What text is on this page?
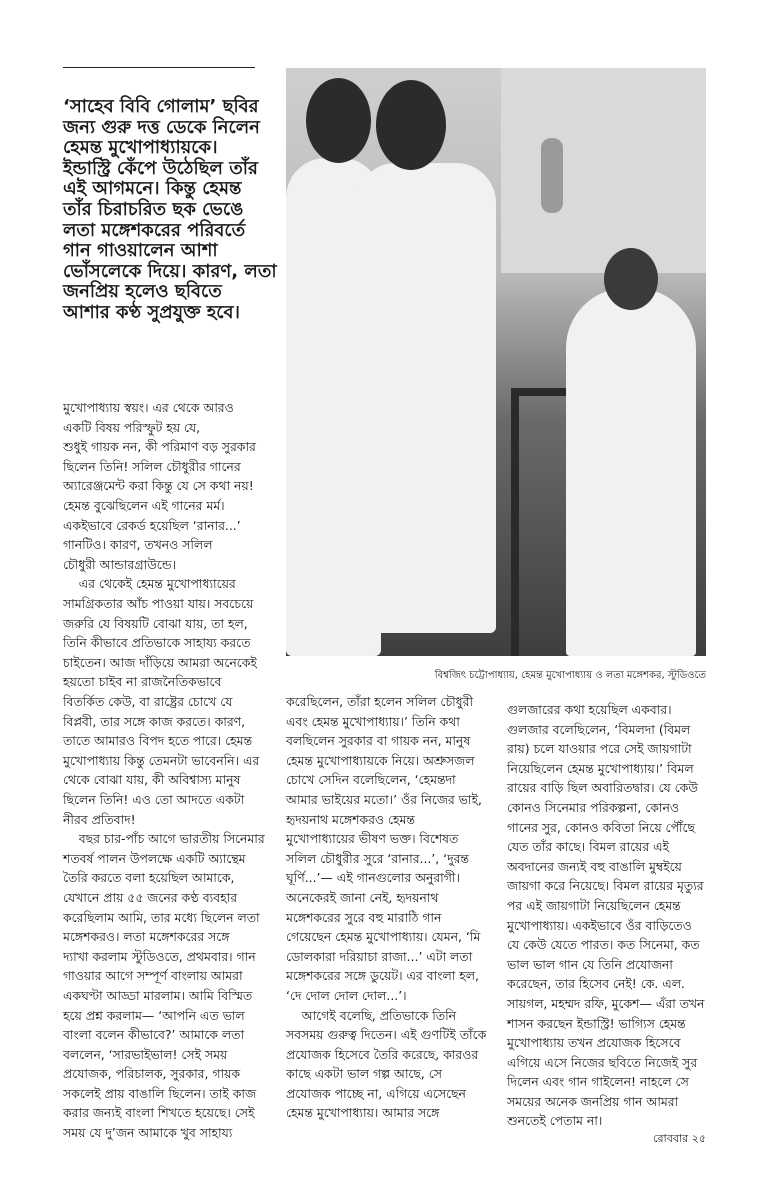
‘সাহেব বিবি গোলাম’ ছবির
জন্য গুরু দত্ত ডেকে নিলেন
হেমন্ত মুখোপাধ্যায়কে।
ইন্ডাস্ট্রি কেঁপে উঠেছিল তাঁর
এই আগমনে। কিন্তু হেমন্ত
তাঁর চিরাচরিত ছক ভেঙে
লতা মঙ্গেশকরের পরিবর্তে
গান গাওয়ালেন আশা
ভোঁসলেকে দিয়ে। কারণ, লতা
জনপ্রিয় হলেও ছবিতে
আশার কণ্ঠ সুপ্রযুক্ত হবে।
বিশ্বজিৎ চট্টোপাধ্যায়, হেমন্ত মুখোপাধ্যায় ও লতা মঙ্গেশকর, স্টুডিওতে
মুখোপাধ্যায় স্বয়ং। এর থেকে আরও
একটি বিষয় পরিস্ফুট হয় যে,
শুধুই গায়ক নন, কী পরিমাণ বড় সুরকার
ছিলেন তিনি! সলিল চৌধুরীর গানের
অ্যারেঞ্জমেন্ট করা কিন্তু যে সে কথা নয়!
হেমন্ত বুঝেছিলেন এই গানের মর্ম।
একইভাবে রেকর্ড হয়েছিল ‘রানার...’
গানটিও। কারণ, তখনও সলিল
চৌধুরী আন্ডারগ্রাউন্ডে।
এর থেকেই হেমন্ত মুখোপাধ্যায়ের
সামগ্রিকতার আঁচ পাওয়া যায়। সবচেয়ে
জরুরি যে বিষয়টি বোঝা যায়, তা হল,
তিনি কীভাবে প্রতিভাকে সাহায্য করতে
চাইতেন। আজ দাঁড়িয়ে আমরা অনেকেই
হয়তো চাইব না রাজনৈতিকভাবে
বিতর্কিত কেউ, বা রাষ্ট্রের চোখে যে
বিপ্লবী, তার সঙ্গে কাজ করতে। কারণ,
তাতে আমারও বিপদ হতে পারে। হেমন্ত
মুখোপাধ্যায় কিন্তু তেমনটা ভাবেননি। এর
থেকে বোঝা যায়, কী অবিশ্বাস্য মানুষ
ছিলেন তিনি! এও তো আদতে একটা
নীরব প্রতিবাদ!
বছর চার-পাঁচ আগে ভারতীয় সিনেমার
শতবর্ষ পালন উপলক্ষে একটি অ্যান্থেম
তৈরি করতে বলা হয়েছিল আমাকে,
যেখানে প্রায় ৫৫ জনের কণ্ঠ ব্যবহার
করেছিলাম আমি, তার মধ্যে ছিলেন লতা
মঙ্গেশকরও। লতা মঙ্গেশকরের সঙ্গে
দ্যাখা করলাম স্টুডিওতে, প্রথমবার। গান
গাওয়ার আগে সম্পূর্ণ বাংলায় আমরা
একঘণ্টা আড্ডা মারলাম। আমি বিস্মিত
হয়ে প্রশ্ন করলাম— ‘আপনি এত ভাল
বাংলা বলেন কীভাবে?’ আমাকে লতা
বললেন, ‘সারভাইভাল! সেই সময়
প্রযোজক, পরিচালক, সুরকার, গায়ক
সকলেই প্রায় বাঙালি ছিলেন। তাই কাজ
করার জন্যই বাংলা শিখতে হয়েছে। সেই
সময় যে দু’জন আমাকে খুব সাহায্য
করেছিলেন, তাঁরা হলেন সলিল চৌধুরী
এবং হেমন্ত মুখোপাধ্যায়।’ তিনি কথা
বলছিলেন সুরকার বা গায়ক নন, মানুষ
হেমন্ত মুখোপাধ্যায়কে নিয়ে। অশ্রুসজল
চোখে সেদিন বলেছিলেন, ‘হেমন্তদা
আমার ভাইয়ের মতো।’ ওঁর নিজের ভাই,
হৃদয়নাথ মঙ্গেশকরও হেমন্ত
মুখোপাধ্যায়ের ভীষণ ভক্ত। বিশেষত
সলিল চৌধুরীর সুরে ‘রানার...’, ‘দুরন্ত
ঘূর্ণি...’— এই গানগুলোর অনুরাগী।
অনেকেরই জানা নেই, হৃদয়নাথ
মঙ্গেশকরের সুরে বহু মারাঠি গান
গেয়েছেন হেমন্ত মুখোপাধ্যায়। যেমন, ‘মি
ডোলকারা দরিয়াচা রাজা...’ এটা লতা
মঙ্গেশকরের সঙ্গে ডুয়েট। এর বাংলা হল,
‘দে দোল দোল দোল...’।
আগেই বলেছি, প্রতিভাকে তিনি
সবসময় গুরুত্ব দিতেন। এই গুণটিই তাঁকে
প্রযোজক হিসেবে তৈরি করেছে, কারওর
কাছে একটা ভাল গল্প আছে, সে
প্রযোজক পাচ্ছে না, এগিয়ে এসেছেন
হেমন্ত মুখোপাধ্যায়। আমার সঙ্গে
গুলজারের কথা হয়েছিল একবার।
গুলজার বলেছিলেন, ‘বিমলদা (বিমল
রায়) চলে যাওয়ার পরে সেই জায়গাটা
নিয়েছিলেন হেমন্ত মুখোপাধ্যায়।’ বিমল
রায়ের বাড়ি ছিল অবারিতদ্বার। যে কেউ
কোনও সিনেমার পরিকল্পনা, কোনও
গানের সুর, কোনও কবিতা নিয়ে পৌঁছে
যেত তাঁর কাছে। বিমল রায়ের এই
অবদানের জন্যই বহু বাঙালি মুম্বইয়ে
জায়গা করে নিয়েছে। বিমল রায়ের মৃত্যুর
পর এই জায়গাটা নিয়েছিলেন হেমন্ত
মুখোপাধ্যায়। একইভাবে ওঁর বাড়িতেও
যে কেউ যেতে পারত। কত সিনেমা, কত
ভাল ভাল গান যে তিনি প্রযোজনা
করেছেন, তার হিসেব নেই! কে. এল.
সায়গল, মহম্মদ রফি, মুকেশ— এঁরা তখন
শাসন করছেন ইন্ডাস্ট্রি! ভাগ্যিস হেমন্ত
মুখোপাধ্যায় তখন প্রযোজক হিসেবে
এগিয়ে এসে নিজের ছবিতে নিজেই সুর
দিলেন এবং গান গাইলেন! নাহলে সে
সময়ের অনেক জনপ্রিয় গান আমরা
শুনতেই পেতাম না।
রোববার ২৫
